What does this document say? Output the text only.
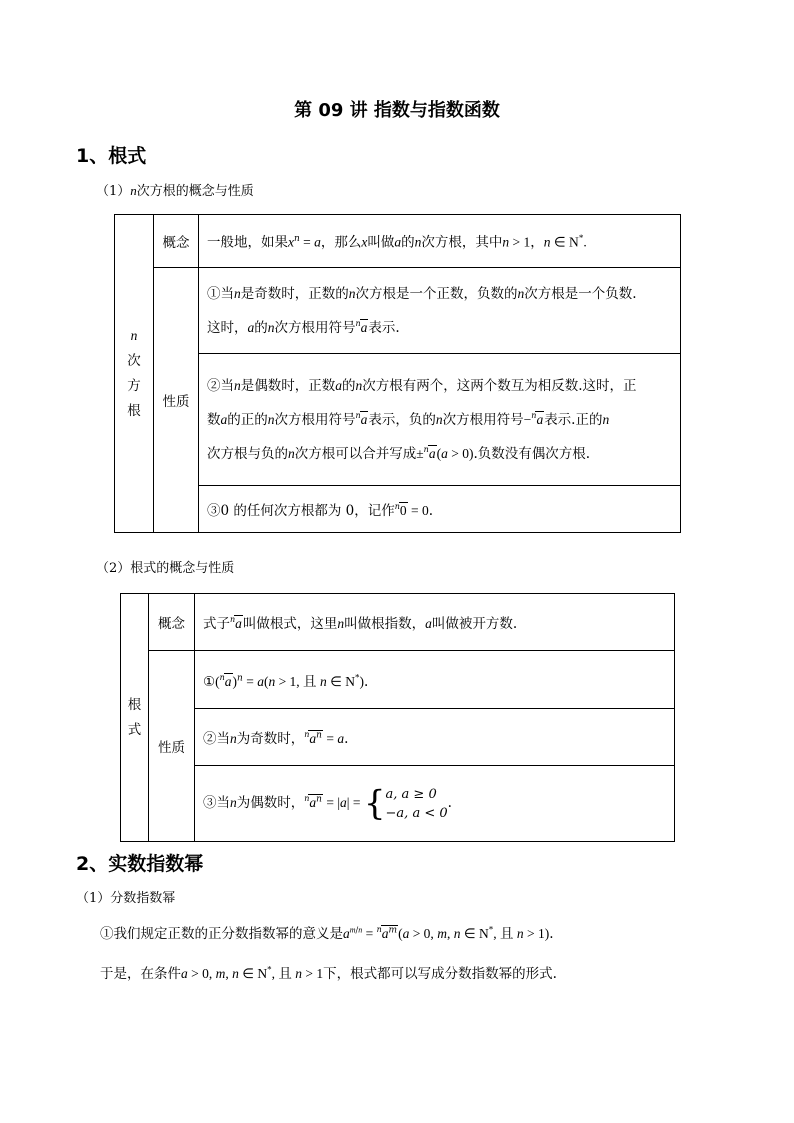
第 09 讲 指数与指数函数
1、根式
（1）n次方根的概念与性质
n
次
方
根	概念	一般地，如果$x^n = a$，那么x叫做a的n次方根，其中n > 1，n ∈ N*.
	性质	①当n是奇数时，正数的n次方根是一个正数，负数的n次方根是一个负数.
这时，a的n次方根用符号$^n$a表示.
		②当n是偶数时，正数a的n次方根有两个，这两个数互为相反数.这时，正
数a的正的n次方根用符号$^n$a表示，负的n次方根用符号−$^n$a表示.正的n
次方根与负的n次方根可以合并写成±$^n$a(a > 0).负数没有偶次方根.
		③0 的任何次方根都为 0，记作$^n$0 = 0.
（2）根式的概念与性质
根
式	概念	式子$^n$a叫做根式，这里n叫做根指数，a叫做被开方数.
	性质	$①(^na)^n = a(n > 1$, 且 n ∈ N*).
		②当n为奇数时，$^na^n = a$.
		③当n为偶数时，$^na^n = |a| = \{a$, a ≥ 0
−a, a < 0.
2、实数指数幂
（1）分数指数幂
①我们规定正数的正分数指数幂的意义是$a^{m/n} = ^na^m(a > 0$, m, n ∈ N*, 且 n > 1).
于是，在条件a > 0, m, n ∈ N*, 且 n > 1下，根式都可以写成分数指数幂的形式.
